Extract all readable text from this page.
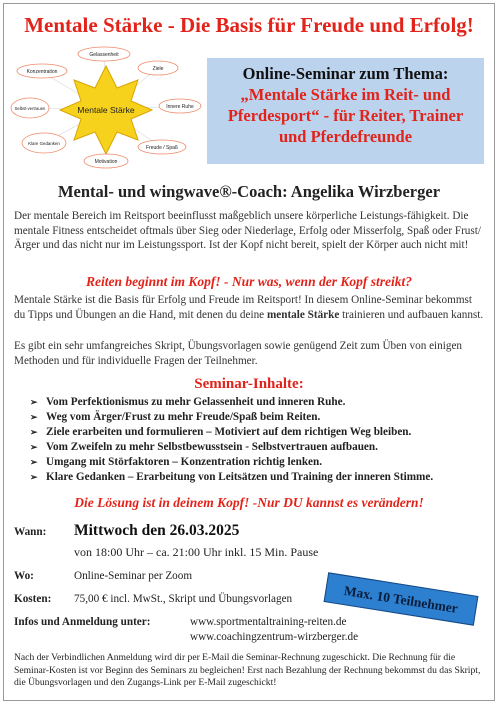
Mentale Stärke - Die Basis für Freude und Erfolg!
Mentale Stärke
Gelassenheit
Ziele
Innere Ruhe
Freude / Spaß
Motivation
Klare Gedanken
Selbst-vertrauen
Konzentration	Online-Seminar zum Thema:
„Mentale Stärke im Reit- und
Pferdesport“ - für Reiter, Trainer
und Pferdefreunde
Mental- und wingwave®-Coach: Angelika Wirzberger
Der mentale Bereich im Reitsport beeinflusst maßgeblich unsere körperliche Leistungs-fähigkeit. Die mentale Fitness entscheidet oftmals über Sieg oder Niederlage, Erfolg oder Misserfolg, Spaß oder Frust/Ärger und das nicht nur im Leistungssport. Ist der Kopf nicht bereit, spielt der Körper auch nicht mit!
Reiten beginnt im Kopf! - Nur was, wenn der Kopf streikt?
Mentale Stärke ist die Basis für Erfolg und Freude im Reitsport! In diesem Online-Seminar bekommst du Tipps und Übungen an die Hand, mit denen du deine mentale Stärke trainieren und aufbauen kannst.
Es gibt ein sehr umfangreiches Skript, Übungsvorlagen sowie genügend Zeit zum Üben von einigen Methoden und für individuelle Fragen der Teilnehmer.
Seminar-Inhalte:
➢ Vom Perfektionismus zu mehr Gelassenheit und inneren Ruhe.
➢ Weg vom Ärger/Frust zu mehr Freude/Spaß beim Reiten.
➢ Ziele erarbeiten und formulieren – Motiviert auf dem richtigen Weg bleiben.
➢ Vom Zweifeln zu mehr Selbstbewusstsein - Selbstvertrauen aufbauen.
➢ Umgang mit Störfaktoren – Konzentration richtig lenken.
➢ Klare Gedanken – Erarbeitung von Leitsätzen und Training der inneren Stimme.
Die Lösung ist in deinem Kopf! -Nur DU kannst es verändern!
Wann: Mittwoch den 26.03.2025
von 18:00 Uhr – ca. 21:00 Uhr inkl. 15 Min. Pause
Wo:	Online-Seminar per Zoom
Kosten: 75,00 € incl. MwSt., Skript und Übungsvorlagen
Infos und Anmeldung unter:	www.sportmentaltraining-reiten.de
www.coachingzentrum-wirzberger.de
Max. 10 Teilnehmer
Nach der Verbindlichen Anmeldung wird dir per E-Mail die Seminar-Rechnung zugeschickt. Die Rechnung für die Seminar-Kosten ist vor Beginn des Seminars zu begleichen! Erst nach Bezahlung der Rechnung bekommst du das Skript, die Übungsvorlagen und den Zugangs-Link per E-Mail zugeschickt!
